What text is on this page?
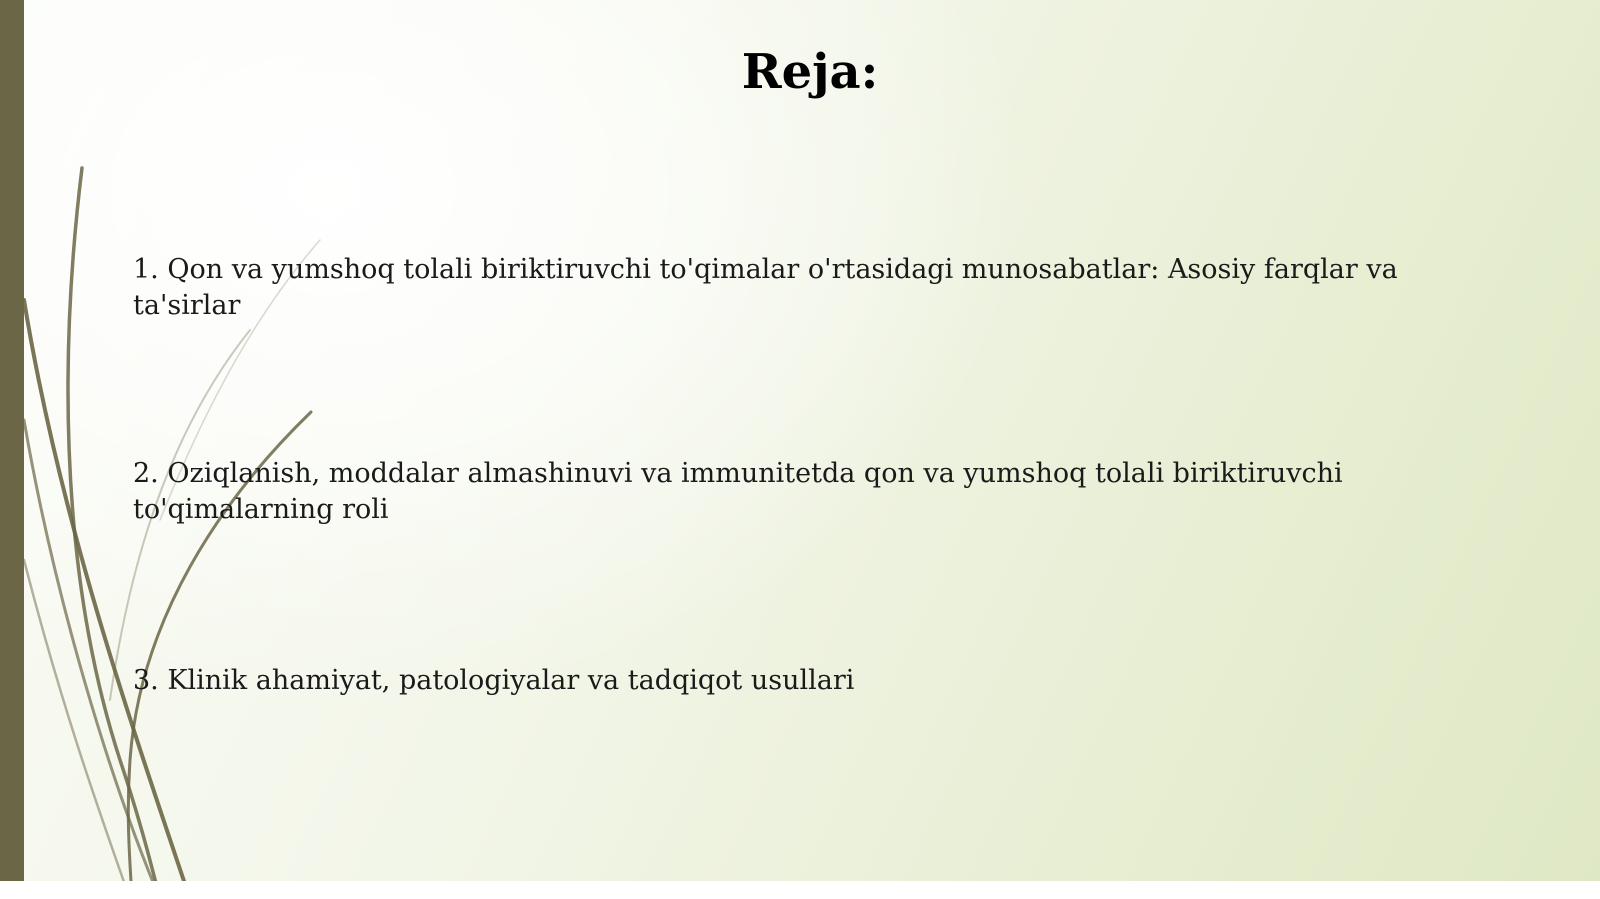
Reja:
1. Qon va yumshoq tolali biriktiruvchi to'qimalar o'rtasidagi munosabatlar: Asosiy farqlar va ta'sirlar
2. Oziqlanish, moddalar almashinuvi va immunitetda qon va yumshoq tolali biriktiruvchi to'qimalarning roli
3. Klinik ahamiyat, patologiyalar va tadqiqot usullari
